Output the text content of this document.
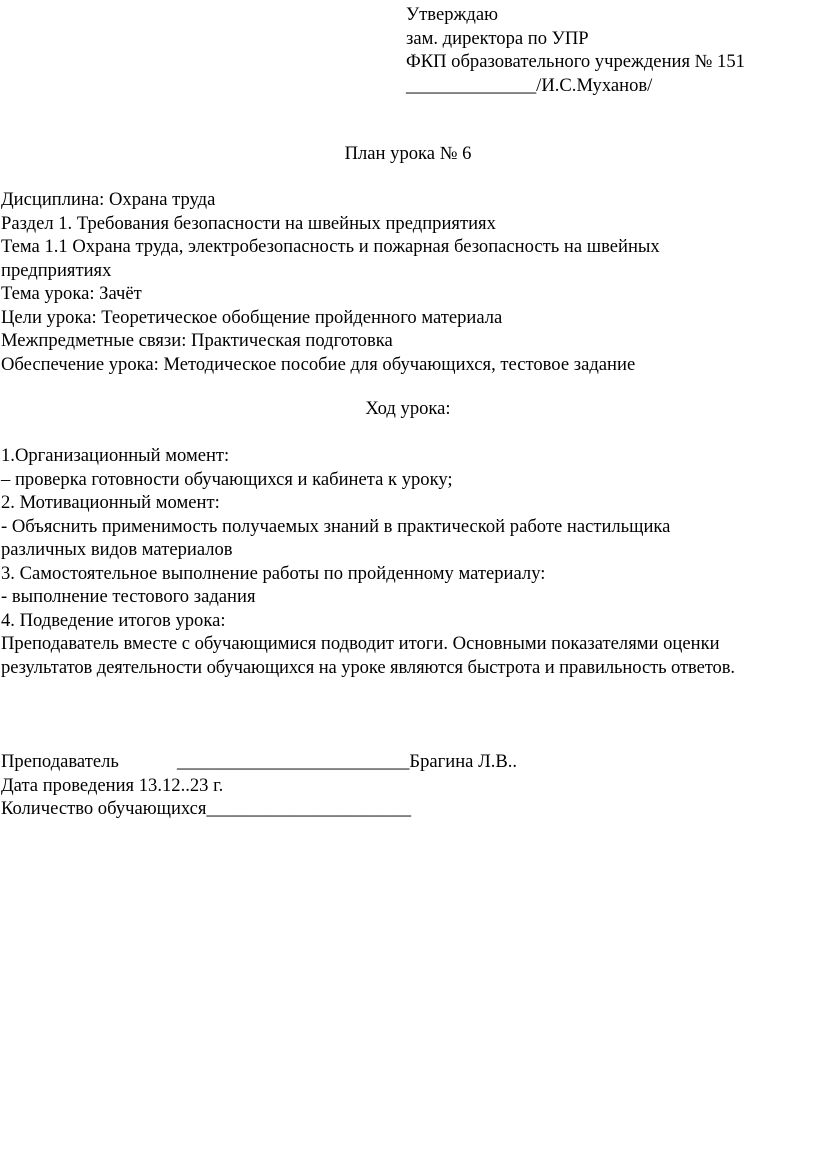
Утверждаю
зам. директора по УПР
ФКП образовательного учреждения № 151
______________/И.С.Муханов/
План урока № 6
Дисциплина: Охрана труда
Раздел 1. Требования безопасности на швейных предприятиях
Тема 1.1 Охрана труда, электробезопасность и пожарная безопасность на швейных
предприятиях
Тема урока: Зачёт
Цели урока: Теоретическое обобщение пройденного материала
Межпредметные связи: Практическая подготовка
Обеспечение урока: Методическое пособие для обучающихся, тестовое задание
Ход урока:
1.Организационный момент:
– проверка готовности обучающихся и кабинета к уроку;
2. Мотивационный момент:
- Объяснить применимость получаемых знаний в практической работе настильщика
различных видов материалов
3. Самостоятельное выполнение работы по пройденному материалу:
- выполнение тестового задания
4. Подведение итогов урока:
Преподаватель вместе с обучающимися подводит итоги. Основными показателями оценки
результатов деятельности обучающихся на уроке являются быстрота и правильность ответов.
Преподаватель	_________________________Брагина Л.В..
Дата проведения 13.12..23 г.
Количество обучающихся______________________
